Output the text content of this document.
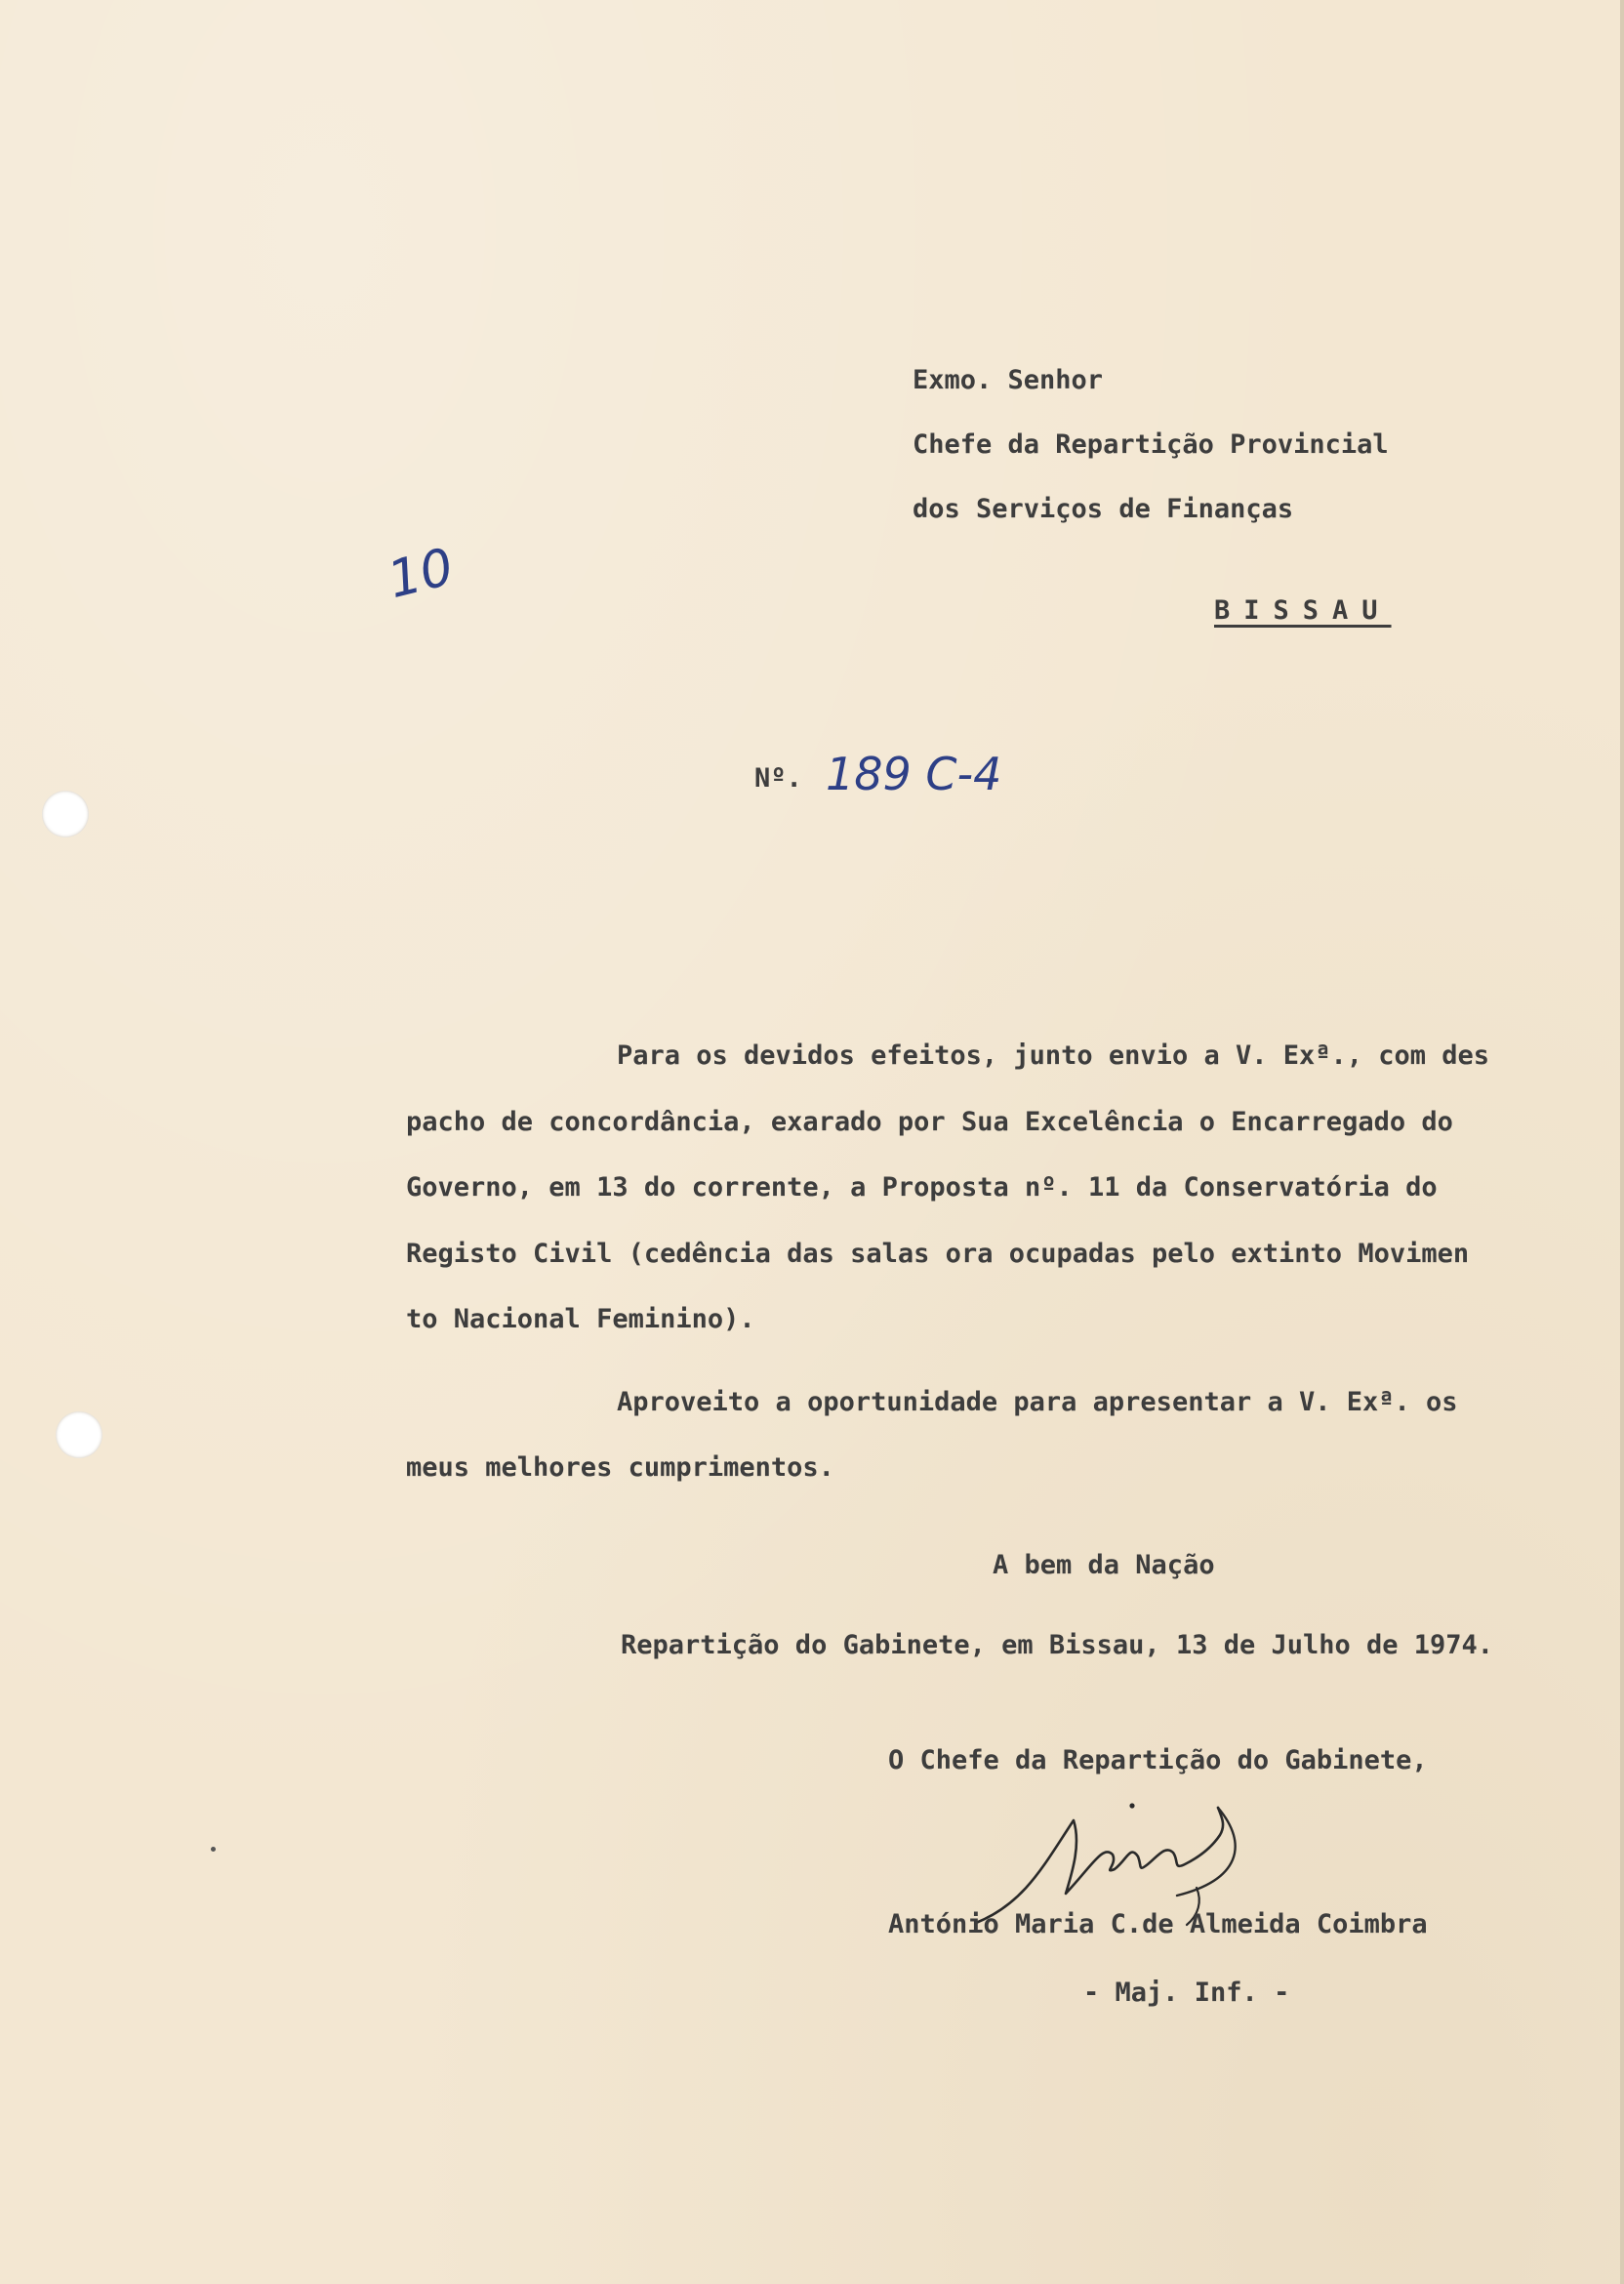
Exmo. Senhor
Chefe da Repartição Provincial
dos Serviços de Finanças
BISSAU
10
Nº. 189 C-4
Para os devidos efeitos, junto envio a V. Exª., com des
pacho de concordância, exarado por Sua Excelência o Encarregado do
Governo, em 13 do corrente, a Proposta nº. 11 da Conservatória do
Registo Civil (cedência das salas ora ocupadas pelo extinto Movimen
to Nacional Feminino).
Aproveito a oportunidade para apresentar a V. Exª. os
meus melhores cumprimentos.
A bem da Nação
Repartição do Gabinete, em Bissau, 13 de Julho de 1974.
O Chefe da Repartição do Gabinete,
António Maria C.de Almeida Coimbra
- Maj. Inf. -
